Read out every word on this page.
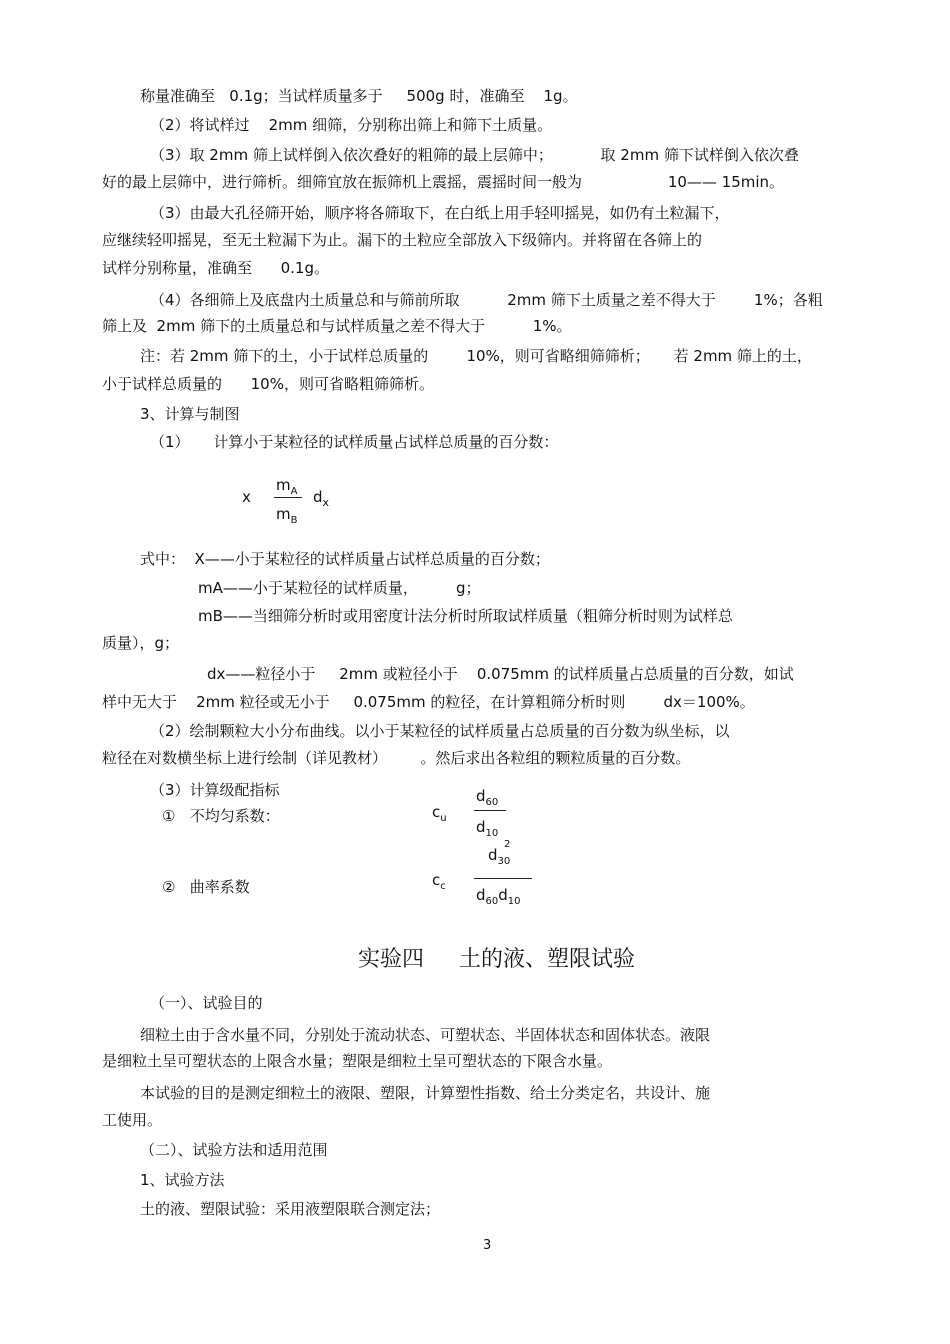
称量准确至   0.1g；当试样质量多于     500g 时，准确至    1g。
（2）将试样过    2mm 细筛，分别称出筛上和筛下土质量。
（3）取 2mm 筛上试样倒入依次叠好的粗筛的最上层筛中；          取 2mm 筛下试样倒入依次叠
好的最上层筛中，进行筛析。细筛宜放在振筛机上震摇，震摇时间一般为                  10—— 15min。
（3）由最大孔径筛开始，顺序将各筛取下，在白纸上用手轻叩摇晃，如仍有土粒漏下，
应继续轻叩摇晃，至无土粒漏下为止。漏下的土粒应全部放入下级筛内。并将留在各筛上的
试样分别称量，准确至      0.1g。
（4）各细筛上及底盘内土质量总和与筛前所取          2mm 筛下土质量之差不得大于        1%；各粗
筛上及  2mm 筛下的土质量总和与试样质量之差不得大于          1%。
注：若 2mm 筛下的土，小于试样总质量的        10%，则可省略细筛筛析；     若 2mm 筛上的土，
小于试样总质量的      10%，则可省略粗筛筛析。
3、计算与制图
（1）     计算小于某粒径的试样质量占试样总质量的百分数：
x
$m_A$
$m_B$
$d_x$
式中：  X——小于某粒径的试样质量占试样总质量的百分数；
mA——小于某粒径的试样质量，        g；
mB——当细筛分析时或用密度计法分析时所取试样质量（粗筛分析时则为试样总
质量），g；
dx——粒径小于     2mm 或粒径小于    0.075mm 的试样质量占总质量的百分数，如试
样中无大于    2mm 粒径或无小于     0.075mm 的粒径，在计算粗筛分析时则        dx＝100%。
（2）绘制颗粒大小分布曲线。以小于某粒径的试样质量占总质量的百分数为纵坐标，以
粒径在对数横坐标上进行绘制（详见教材）       。然后求出各粒组的颗粒质量的百分数。
（3）计算级配指标
①   不均匀系数：	$c_u$
$d_{60}$
$d_{10}$
②   曲率系数	$c_c$
d
2
$_{30}$
$d_{60}d_{10}$
实验四     土的液、塑限试验
（一）、试验目的
细粒土由于含水量不同，分别处于流动状态、可塑状态、半固体状态和固体状态。液限
是细粒土呈可塑状态的上限含水量；塑限是细粒土呈可塑状态的下限含水量。
本试验的目的是测定细粒土的液限、塑限，计算塑性指数、给土分类定名，共设计、施
工使用。
（二）、试验方法和适用范围
1、试验方法
土的液、塑限试验：采用液塑限联合测定法；
3
